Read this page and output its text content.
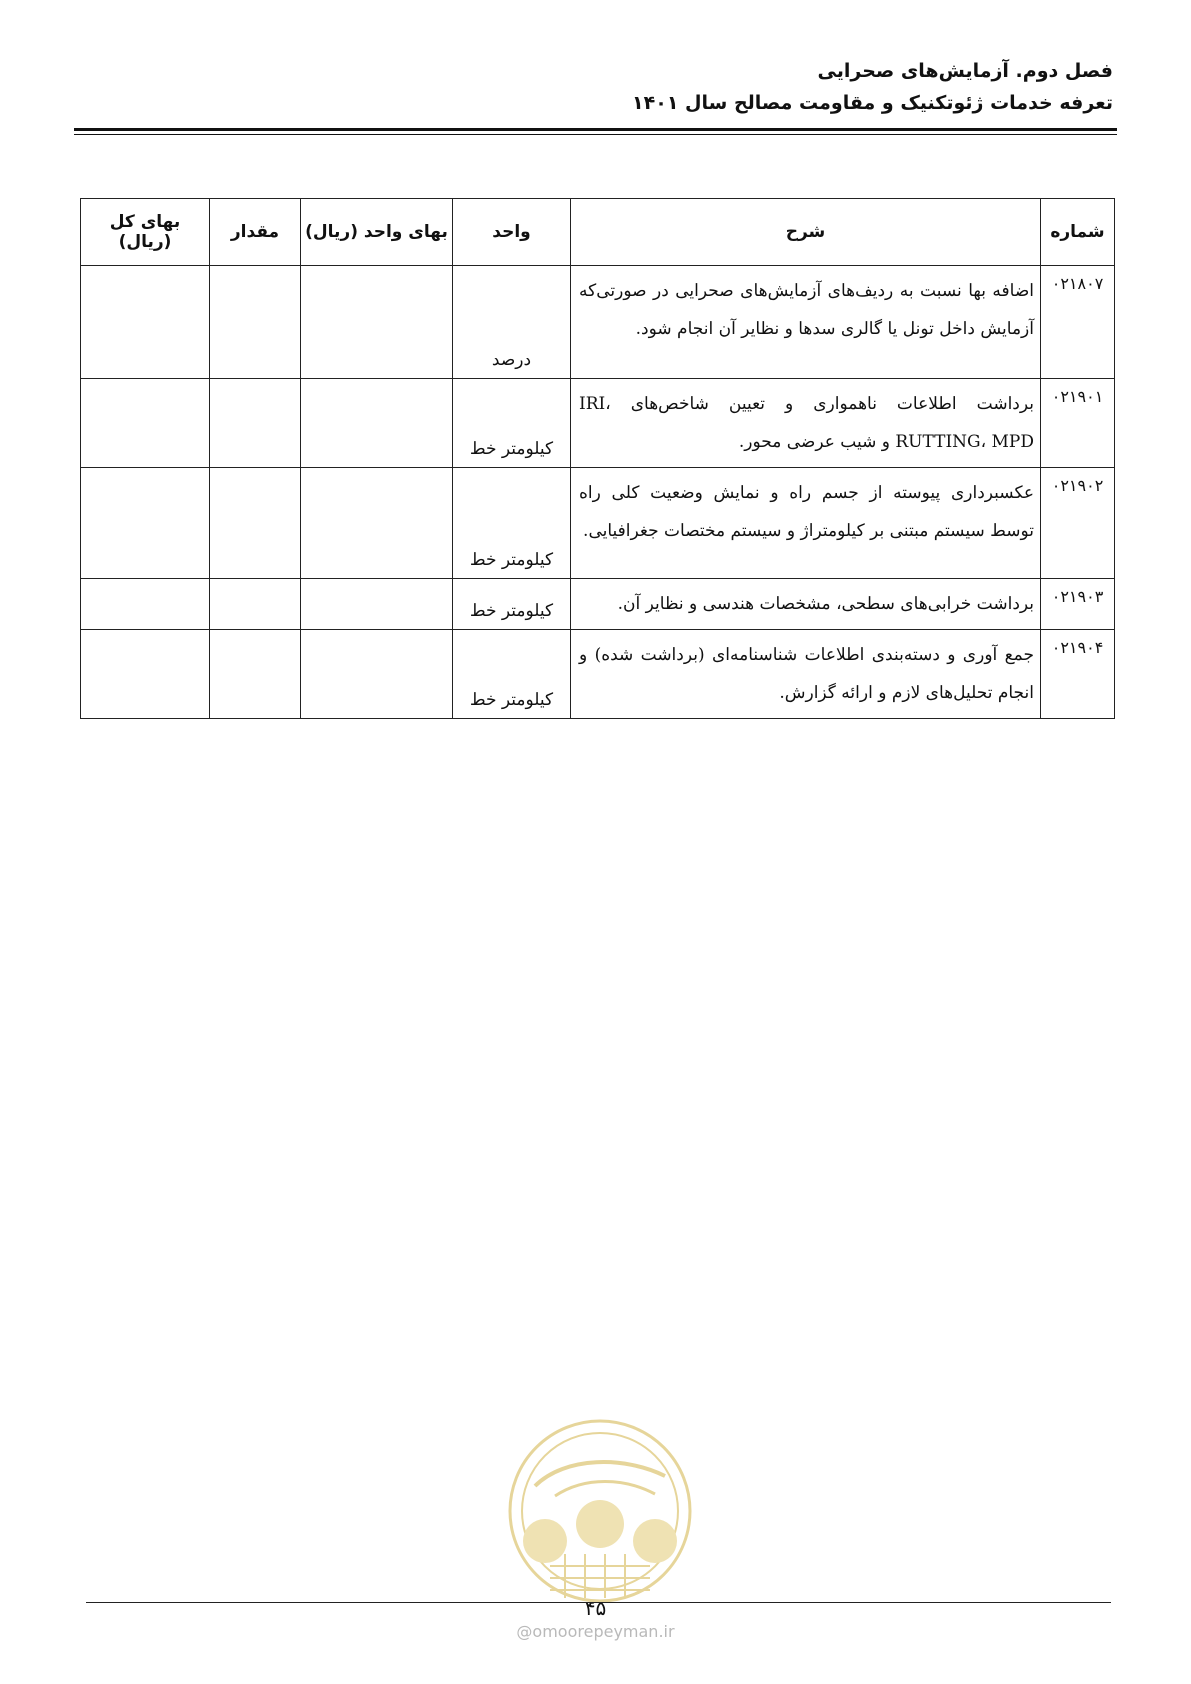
فصل دوم. آزمایش‌های صحرایی
تعرفه خدمات ژئوتکنیک و مقاومت مصالح سال ۱۴۰۱
شماره	شرح	واحد	بهای واحد (ریال)	مقدار	بهای کل (ریال)
۰۲۱۸۰۷	اضافه بها نسبت به ردیف‌های آزمایش‌های صحرایی در صورتی‌که آزمایش داخل تونل یا گالری سدها و نظایر آن انجام شود.	درصد			
۰۲۱۹۰۱	برداشت اطلاعات ناهمواری و تعیین شاخص‌های IRI، RUTTING، MPD و شیب عرضی محور.	کیلومتر خط			
۰۲۱۹۰۲	عکسبرداری پیوسته از جسم راه و نمایش وضعیت کلی راه توسط سیستم مبتنی بر کیلومتراژ و سیستم مختصات جغرافیایی.	کیلومتر خط			
۰۲۱۹۰۳	برداشت خرابی‌های سطحی، مشخصات هندسی و نظایر آن.	کیلومتر خط			
۰۲۱۹۰۴	جمع آوری و دسته‌بندی اطلاعات شناسنامه‌ای (برداشت شده) و انجام تحلیل‌های لازم و ارائه گزارش.	کیلومتر خط			
۴۵
@omoorepeyman.ir
